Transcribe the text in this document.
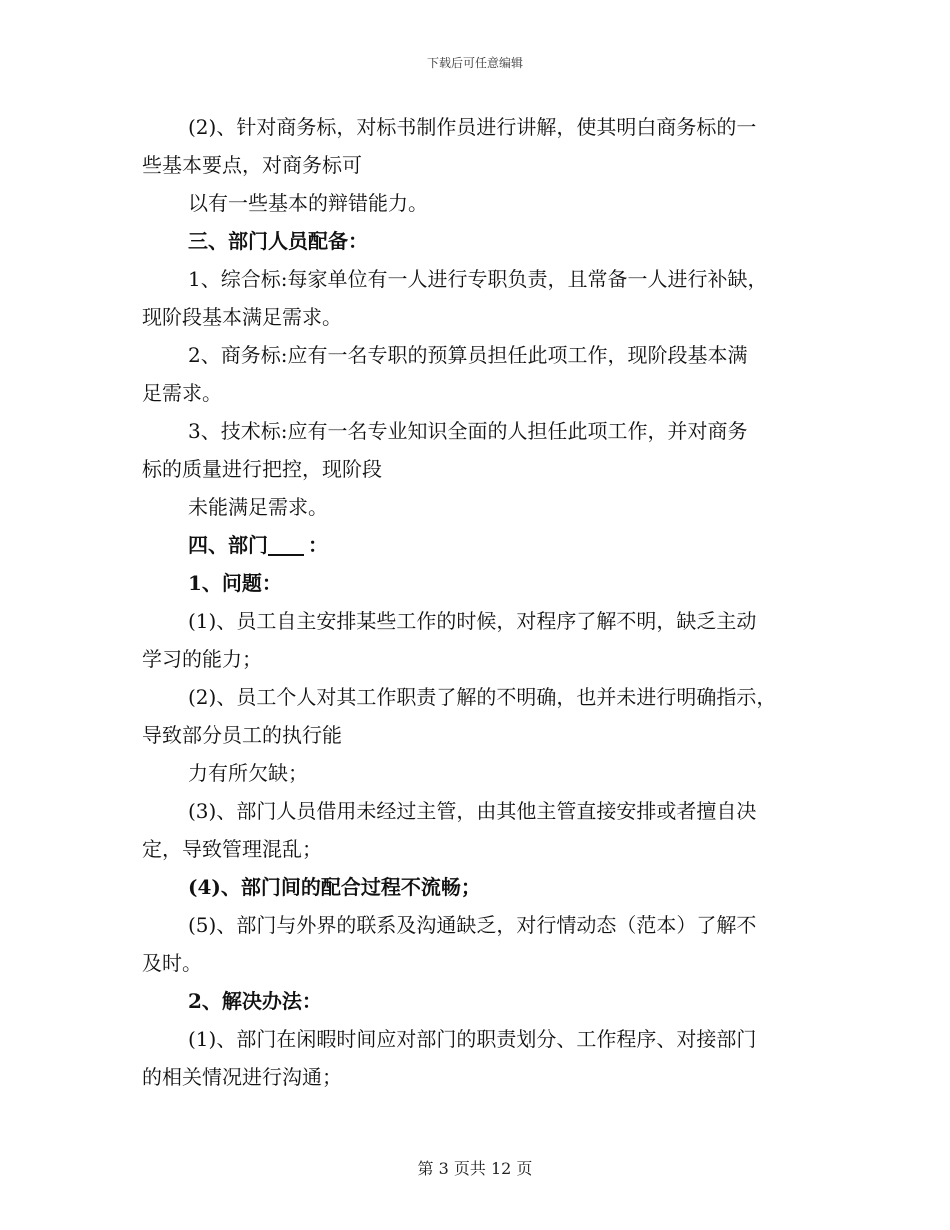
下载后可任意编辑

(2)、针对商务标，对标书制作员进行讲解，使其明白商务标的一

些基本要点，对商务标可

以有一些基本的辩错能力。

三、部门人员配备：

1、综合标:每家单位有一人进行专职负责，且常备一人进行补缺，

现阶段基本满足需求。

2、商务标:应有一名专职的预算员担任此项工作，现阶段基本满

足需求。

3、技术标:应有一名专业知识全面的人担任此项工作，并对商务

标的质量进行把控，现阶段

未能满足需求。

四、部门 ：

1、问题：

(1)、员工自主安排某些工作的时候，对程序了解不明，缺乏主动

学习的能力；

(2)、员工个人对其工作职责了解的不明确，也并未进行明确指示，

导致部分员工的执行能

力有所欠缺；

(3)、部门人员借用未经过主管，由其他主管直接安排或者擅自决

定，导致管理混乱；

(4)、部门间的配合过程不流畅；

(5)、部门与外界的联系及沟通缺乏，对行情动态（范本）了解不

及时。

2、解决办法：

(1)、部门在闲暇时间应对部门的职责划分、工作程序、对接部门

的相关情况进行沟通；

第 3 页共 12 页
